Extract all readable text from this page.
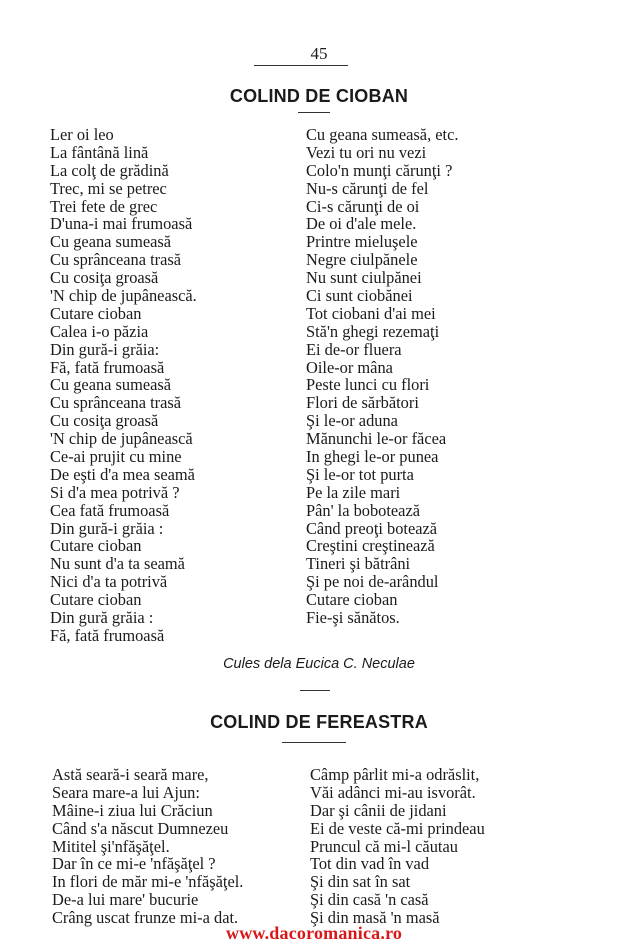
45
COLIND DE CIOBAN
Ler oi leo
La fântână lină
La colţ de grădină
Trec, mi se petrec
Trei fete de grec
D'una-i mai frumoasă
Cu geana sumeasă
Cu sprânceana trasă
Cu cosiţa groasă
'N chip de jupânească.
Cutare cioban
Calea i-o păzia
Din gură-i grăia:
Fă, fată frumoasă
Cu geana sumeasă
Cu sprânceana trasă
Cu cosiţa groasă
'N chip de jupânească
Ce-ai prujit cu mine
De eşti d'a mea seamă
Si d'a mea potrivă ?
Cea fată frumoasă
Din gură-i grăia :
Cutare cioban
Nu sunt d'a ta seamă
Nici d'a ta potrivă
Cutare cioban
Din gură grăia :
Fă, fată frumoasă
Cu geana sumeasă, etc.
Vezi tu ori nu vezi
Colo'n munţi cărunţi ?
Nu-s cărunţi de fel
Ci-s cărunţi de oi
De oi d'ale mele.
Printre mieluşele
Negre ciulpănele
Nu sunt ciulpănei
Ci sunt ciobănei
Tot ciobani d'ai mei
Stă'n ghegi rezemaţi
Ei de-or fluera
Oile-or mâna
Peste lunci cu flori
Flori de sărbători
Şi le-or aduna
Mănunchi le-or făcea
In ghegi le-or punea
Şi le-or tot purta
Pe la zile mari
Pân' la bobotează
Când preoţi botează
Creştini creştinează
Tineri şi bătrâni
Şi pe noi de-arândul
Cutare cioban
Fie-şi sănătos.
Cules dela Eucica C. Neculae
COLIND DE FEREASTRA
Astă seară-i seară mare,
Seara mare-a lui Ajun:
Mâine-i ziua lui Crăciun
Când s'a născut Dumnezeu
Mititel şi'nfăşăţel.
Dar în ce mi-e 'nfăşăţel ?
In flori de măr mi-e 'nfăşăţel.
De-a lui mare' bucurie
Crâng uscat frunze mi-a dat.
Câmp pârlit mi-a odrăslit,
Văi adânci mi-au isvorât.
Dar şi cânii de jidani
Ei de veste că-mi prindeau
Pruncul că mi-l căutau
Tot din vad în vad
Şi din sat în sat
Şi din casă 'n casă
Şi din masă 'n masă
www.dacoromanica.ro
